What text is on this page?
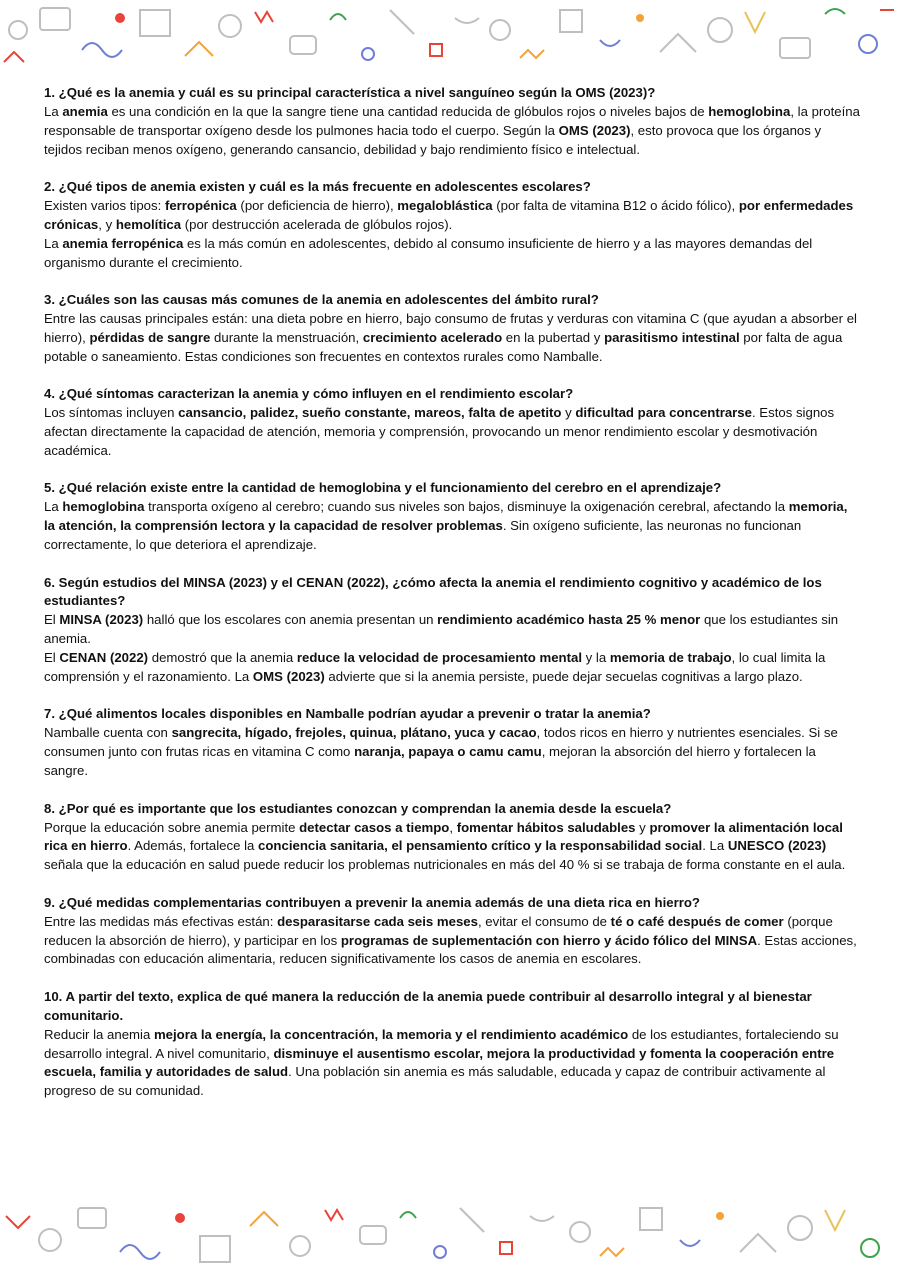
1. ¿Qué es la anemia y cuál es su principal característica a nivel sanguíneo según la OMS (2023)?

La anemia es una condición en la que la sangre tiene una cantidad reducida de glóbulos rojos o niveles bajos de hemoglobina, la proteína responsable de transportar oxígeno desde los pulmones hacia todo el cuerpo. Según la OMS (2023), esto provoca que los órganos y tejidos reciban menos oxígeno, generando cansancio, debilidad y bajo rendimiento físico e intelectual.

2. ¿Qué tipos de anemia existen y cuál es la más frecuente en adolescentes escolares?

Existen varios tipos: ferropénica (por deficiencia de hierro), megaloblástica (por falta de vitamina B12 o ácido fólico), por enfermedades crónicas, y hemolítica (por destrucción acelerada de glóbulos rojos).

La anemia ferropénica es la más común en adolescentes, debido al consumo insuficiente de hierro y a las mayores demandas del organismo durante el crecimiento.

3. ¿Cuáles son las causas más comunes de la anemia en adolescentes del ámbito rural?

Entre las causas principales están: una dieta pobre en hierro, bajo consumo de frutas y verduras con vitamina C (que ayudan a absorber el hierro), pérdidas de sangre durante la menstruación, crecimiento acelerado en la pubertad y parasitismo intestinal por falta de agua potable o saneamiento. Estas condiciones son frecuentes en contextos rurales como Namballe.

4. ¿Qué síntomas caracterizan la anemia y cómo influyen en el rendimiento escolar?

Los síntomas incluyen cansancio, palidez, sueño constante, mareos, falta de apetito y dificultad para concentrarse. Estos signos afectan directamente la capacidad de atención, memoria y comprensión, provocando un menor rendimiento escolar y desmotivación académica.

5. ¿Qué relación existe entre la cantidad de hemoglobina y el funcionamiento del cerebro en el aprendizaje?

La hemoglobina transporta oxígeno al cerebro; cuando sus niveles son bajos, disminuye la oxigenación cerebral, afectando la memoria, la atención, la comprensión lectora y la capacidad de resolver problemas. Sin oxígeno suficiente, las neuronas no funcionan correctamente, lo que deteriora el aprendizaje.

6. Según estudios del MINSA (2023) y el CENAN (2022), ¿cómo afecta la anemia el rendimiento cognitivo y académico de los estudiantes?

El MINSA (2023) halló que los escolares con anemia presentan un rendimiento académico hasta 25 % menor que los estudiantes sin anemia.

El CENAN (2022) demostró que la anemia reduce la velocidad de procesamiento mental y la memoria de trabajo, lo cual limita la comprensión y el razonamiento. La OMS (2023) advierte que si la anemia persiste, puede dejar secuelas cognitivas a largo plazo.

7. ¿Qué alimentos locales disponibles en Namballe podrían ayudar a prevenir o tratar la anemia?

Namballe cuenta con sangrecita, hígado, frejoles, quinua, plátano, yuca y cacao, todos ricos en hierro y nutrientes esenciales. Si se consumen junto con frutas ricas en vitamina C como naranja, papaya o camu camu, mejoran la absorción del hierro y fortalecen la sangre.

8. ¿Por qué es importante que los estudiantes conozcan y comprendan la anemia desde la escuela?

Porque la educación sobre anemia permite detectar casos a tiempo, fomentar hábitos saludables y promover la alimentación local rica en hierro. Además, fortalece la conciencia sanitaria, el pensamiento crítico y la responsabilidad social. La UNESCO (2023) señala que la educación en salud puede reducir los problemas nutricionales en más del 40 % si se trabaja de forma constante en el aula.

9. ¿Qué medidas complementarias contribuyen a prevenir la anemia además de una dieta rica en hierro?

Entre las medidas más efectivas están: desparasitarse cada seis meses, evitar el consumo de té o café después de comer (porque reducen la absorción de hierro), y participar en los programas de suplementación con hierro y ácido fólico del MINSA. Estas acciones, combinadas con educación alimentaria, reducen significativamente los casos de anemia en escolares.

10. A partir del texto, explica de qué manera la reducción de la anemia puede contribuir al desarrollo integral y al bienestar comunitario.

Reducir la anemia mejora la energía, la concentración, la memoria y el rendimiento académico de los estudiantes, fortaleciendo su desarrollo integral. A nivel comunitario, disminuye el ausentismo escolar, mejora la productividad y fomenta la cooperación entre escuela, familia y autoridades de salud. Una población sin anemia es más saludable, educada y capaz de contribuir activamente al progreso de su comunidad.
